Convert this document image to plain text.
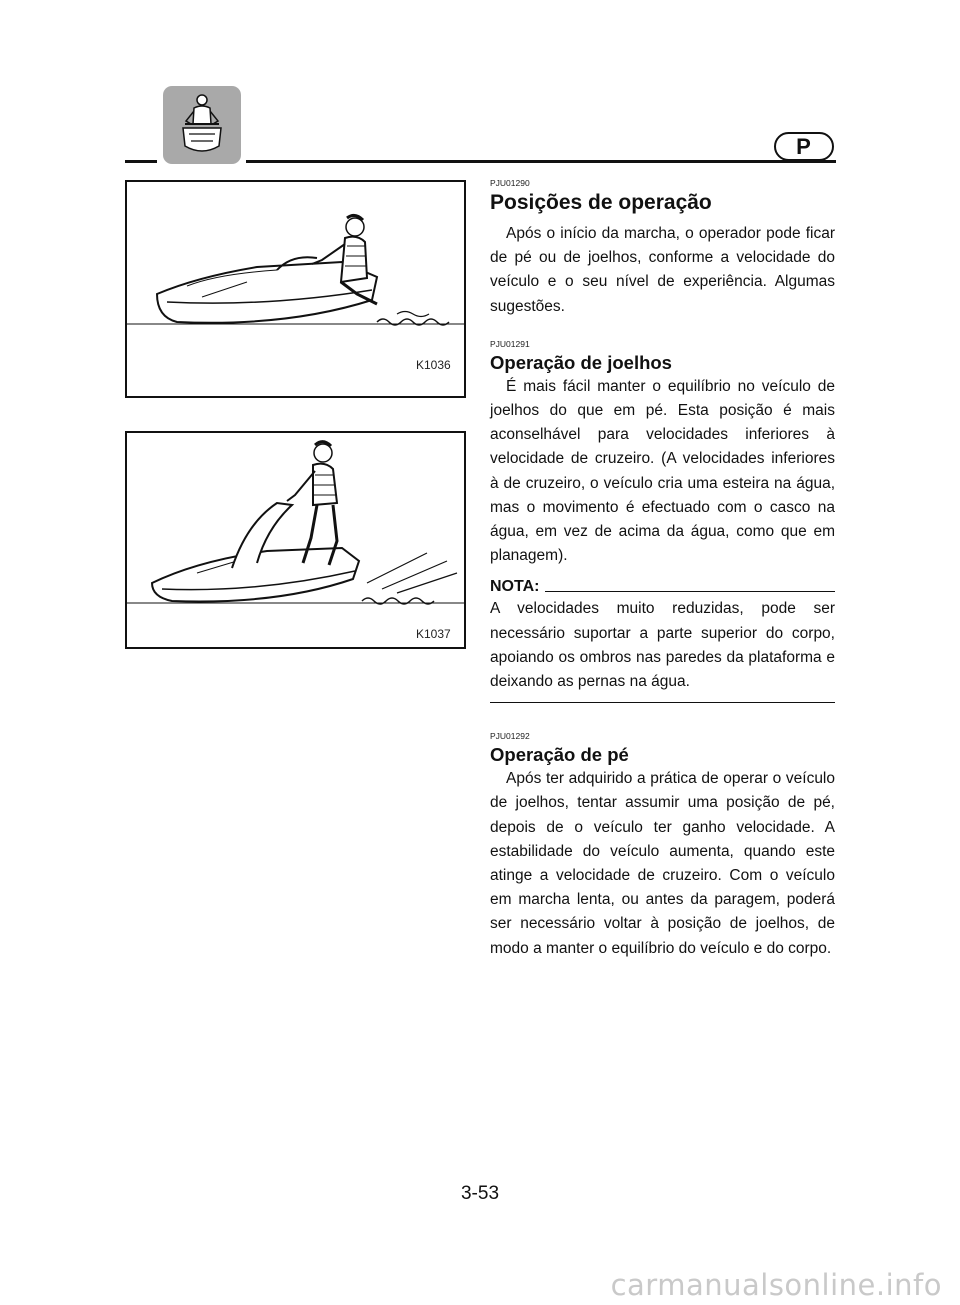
P
K1036
K1037
PJU01290
Posições de operação

Após o início da marcha, o operador pode ficar de pé ou de joelhos, conforme a velocidade do veículo e o seu nível de experiência. Algumas sugestões.

PJU01291
Operação de joelhos

É mais fácil manter o equilíbrio no veículo de joelhos do que em pé. Esta posição é mais aconselhável para velocidades inferiores à velocidade de cruzeiro. (A velocidades inferiores à de cruzeiro, o veículo cria uma esteira na água, mas o movimento é efectuado com o casco na água, em vez de acima da água, como que em planagem).

NOTA:

A velocidades muito reduzidas, pode ser necessário suportar a parte superior do corpo, apoiando os ombros nas paredes da plataforma e deixando as pernas na água.

PJU01292
Operação de pé

Após ter adquirido a prática de operar o veículo de joelhos, tentar assumir uma posição de pé, depois de o veículo ter ganho velocidade. A estabilidade do veículo aumenta, quando este atinge a velocidade de cruzeiro. Com o veículo em marcha lenta, ou antes da paragem, poderá ser necessário voltar à posição de joelhos, de modo a manter o equilíbrio do veículo e do corpo.

3-53
carmanualsonline.info
